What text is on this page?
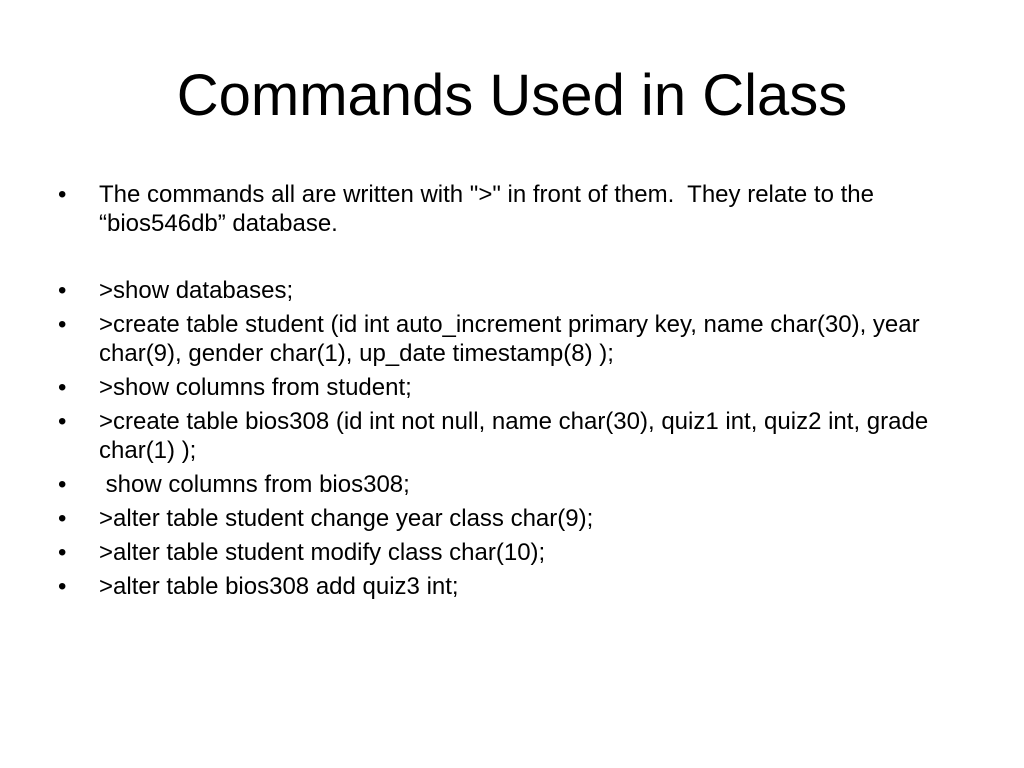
Commands Used in Class
•	The commands all are written with ">" in front of them.  They relate to the “bios546db” database.
•	>show databases;
•	>create table student (id int auto_increment primary key, name char(30), year char(9), gender char(1), up_date timestamp(8) );
•	>show columns from student;
•	>create table bios308 (id int not null, name char(30), quiz1 int, quiz2 int, grade char(1) );
•	show columns from bios308;
•	>alter table student change year class char(9);
•	>alter table student modify class char(10);
•	>alter table bios308 add quiz3 int;
